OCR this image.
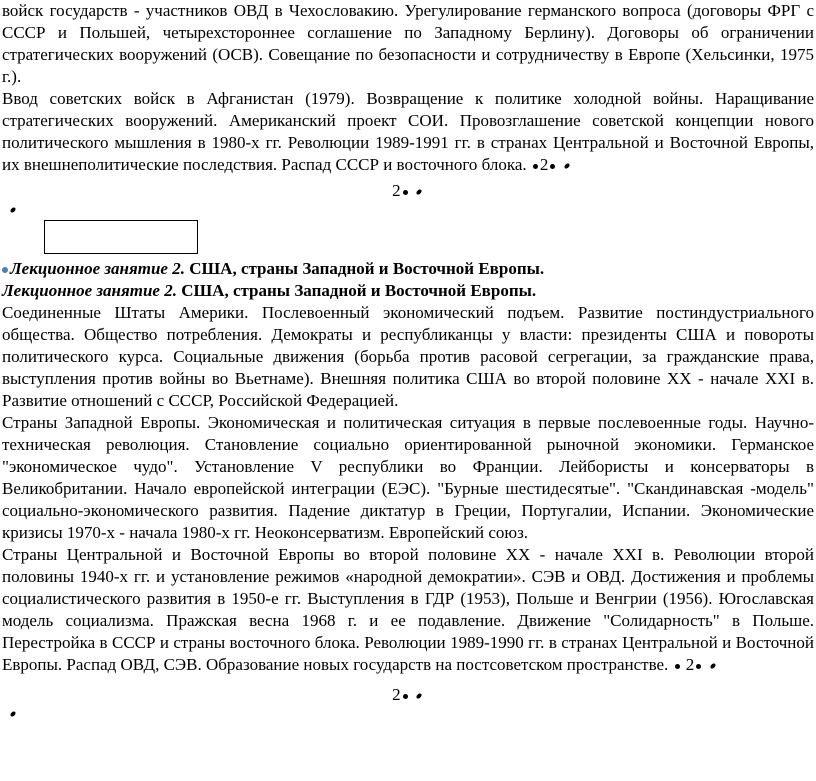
войск государств - участников ОВД в Чехословакию. Урегулирование германского вопроса (договоры ФРГ с СССР и Польшей, четырехстороннее соглашение по Западному Берлину). Договоры об ограничении стратегических вооружений (ОСВ). Совещание по безопасности и сотрудничеству в Европе (Хельсинки, 1975 г.).

Ввод советских войск в Афганистан (1979). Возвращение к политике холодной войны. Наращивание стратегических вооружений. Американский проект СОИ. Провозглашение советской концепции нового политического мышления в 1980-х гг. Революции 1989-1991 гг. в странах Центральной и Восточной Европы, их внешнеполитические последствия. Распад СССР и восточного блока. 2

2

Лекционное занятие 2. США, страны Западной и Восточной Европы.

Лекционное занятие 2. США, страны Западной и Восточной Европы.

Соединенные Штаты Америки. Послевоенный экономический подъем. Развитие постиндустриального общества. Общество потребления. Демократы и республиканцы у власти: президенты США и повороты политического курса. Социальные движения (борьба против расовой сегрегации, за гражданские права, выступления против войны во Вьетнаме). Внешняя политика США во второй половине XX - начале XXI в. Развитие отношений с СССР, Российской Федерацией.

Страны Западной Европы. Экономическая и политическая ситуация в первые послевоенные годы. Научно-техническая революция. Становление социально ориентированной рыночной экономики. Германское "экономическое чудо". Установление V республики во Франции. Лейбористы и консерваторы в Великобритании. Начало европейской интеграции (ЕЭС). "Бурные шестидесятые". "Скандинавская -модель" социально-экономического развития. Падение диктатур в Греции, Португалии, Испании. Экономические кризисы 1970-х - начала 1980-х гг. Неоконсерватизм. Европейский союз.

Страны Центральной и Восточной Европы во второй половине XX - начале XXI в. Революции второй половины 1940-х гг. и установление режимов «народной демократии». СЭВ и ОВД. Достижения и проблемы социалистического развития в 1950-е гг. Выступления в ГДР (1953), Польше и Венгрии (1956). Югославская модель социализма. Пражская весна 1968 г. и ее подавление. Движение "Солидарность" в Польше. Перестройка в СССР и страны восточного блока. Революции 1989-1990 гг. в странах Центральной и Восточной Европы. Распад ОВД, СЭВ. Образование новых государств на постсоветском пространстве. 2

2
